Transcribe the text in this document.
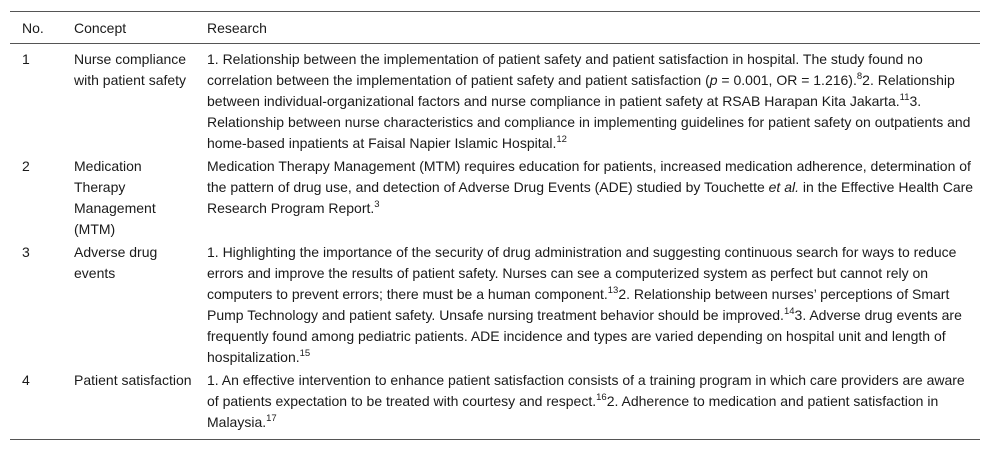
No.	Concept	Research
1	Nurse compliance with patient safety	1. Relationship between the implementation of patient safety and patient satisfaction in hospital. The study found no correlation between the implementation of patient safety and patient satisfaction (p = 0.001, OR = 1.216).$^8$2. Relationship between individual-organizational factors and nurse compliance in patient safety at RSAB Harapan Kita Jakarta.$^{11}$3. Relationship between nurse characteristics and compliance in implementing guidelines for patient safety on outpatients and home-based inpatients at Faisal Napier Islamic Hospital.$^{12}$
2	Medication Therapy Management (MTM)	Medication Therapy Management (MTM) requires education for patients, increased medication adherence, determination of the pattern of drug use, and detection of Adverse Drug Events (ADE) studied by Touchette et al. in the Effective Health Care Research Program Report.$^3$
3	Adverse drug events	1. Highlighting the importance of the security of drug administration and suggesting continuous search for ways to reduce errors and improve the results of patient safety. Nurses can see a computerized system as perfect but cannot rely on computers to prevent errors; there must be a human component.$^{13}$2. Relationship between nurses’ perceptions of Smart Pump Technology and patient safety. Unsafe nursing treatment behavior should be improved.$^{14}$3. Adverse drug events are frequently found among pediatric patients. ADE incidence and types are varied depending on hospital unit and length of hospitalization.$^{15}$
4	Patient satisfaction	1. An effective intervention to enhance patient satisfaction consists of a training program in which care providers are aware of patients expectation to be treated with courtesy and respect.$^{16}$2. Adherence to medication and patient satisfaction in Malaysia.$^{17}$
